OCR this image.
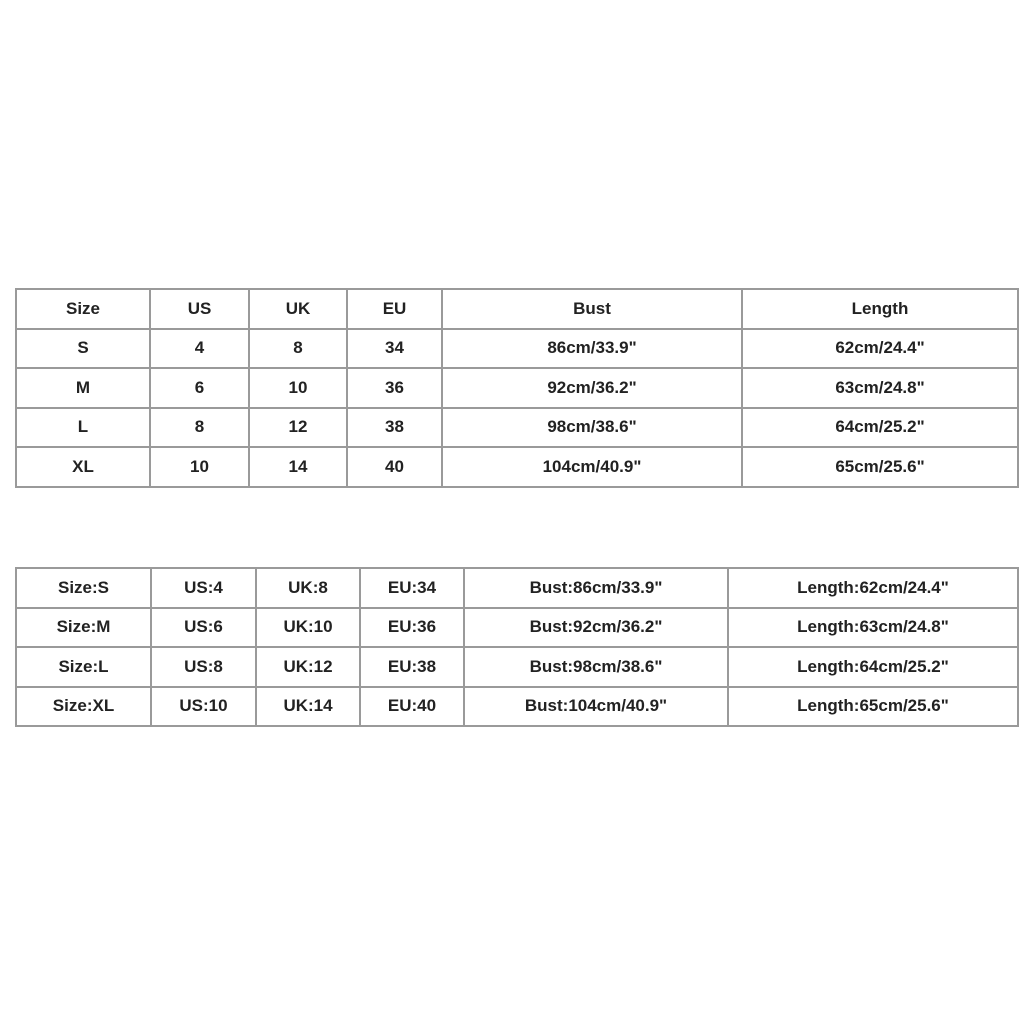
Size	US	UK	EU	Bust	Length
S	4	8	34	86cm/33.9"	62cm/24.4"
M	6	10	36	92cm/36.2"	63cm/24.8"
L	8	12	38	98cm/38.6"	64cm/25.2"
XL	10	14	40	104cm/40.9"	65cm/25.6"
Size:S	US:4	UK:8	EU:34	Bust:86cm/33.9"	Length:62cm/24.4"
Size:M	US:6	UK:10	EU:36	Bust:92cm/36.2"	Length:63cm/24.8"
Size:L	US:8	UK:12	EU:38	Bust:98cm/38.6"	Length:64cm/25.2"
Size:XL	US:10	UK:14	EU:40	Bust:104cm/40.9"	Length:65cm/25.6"
